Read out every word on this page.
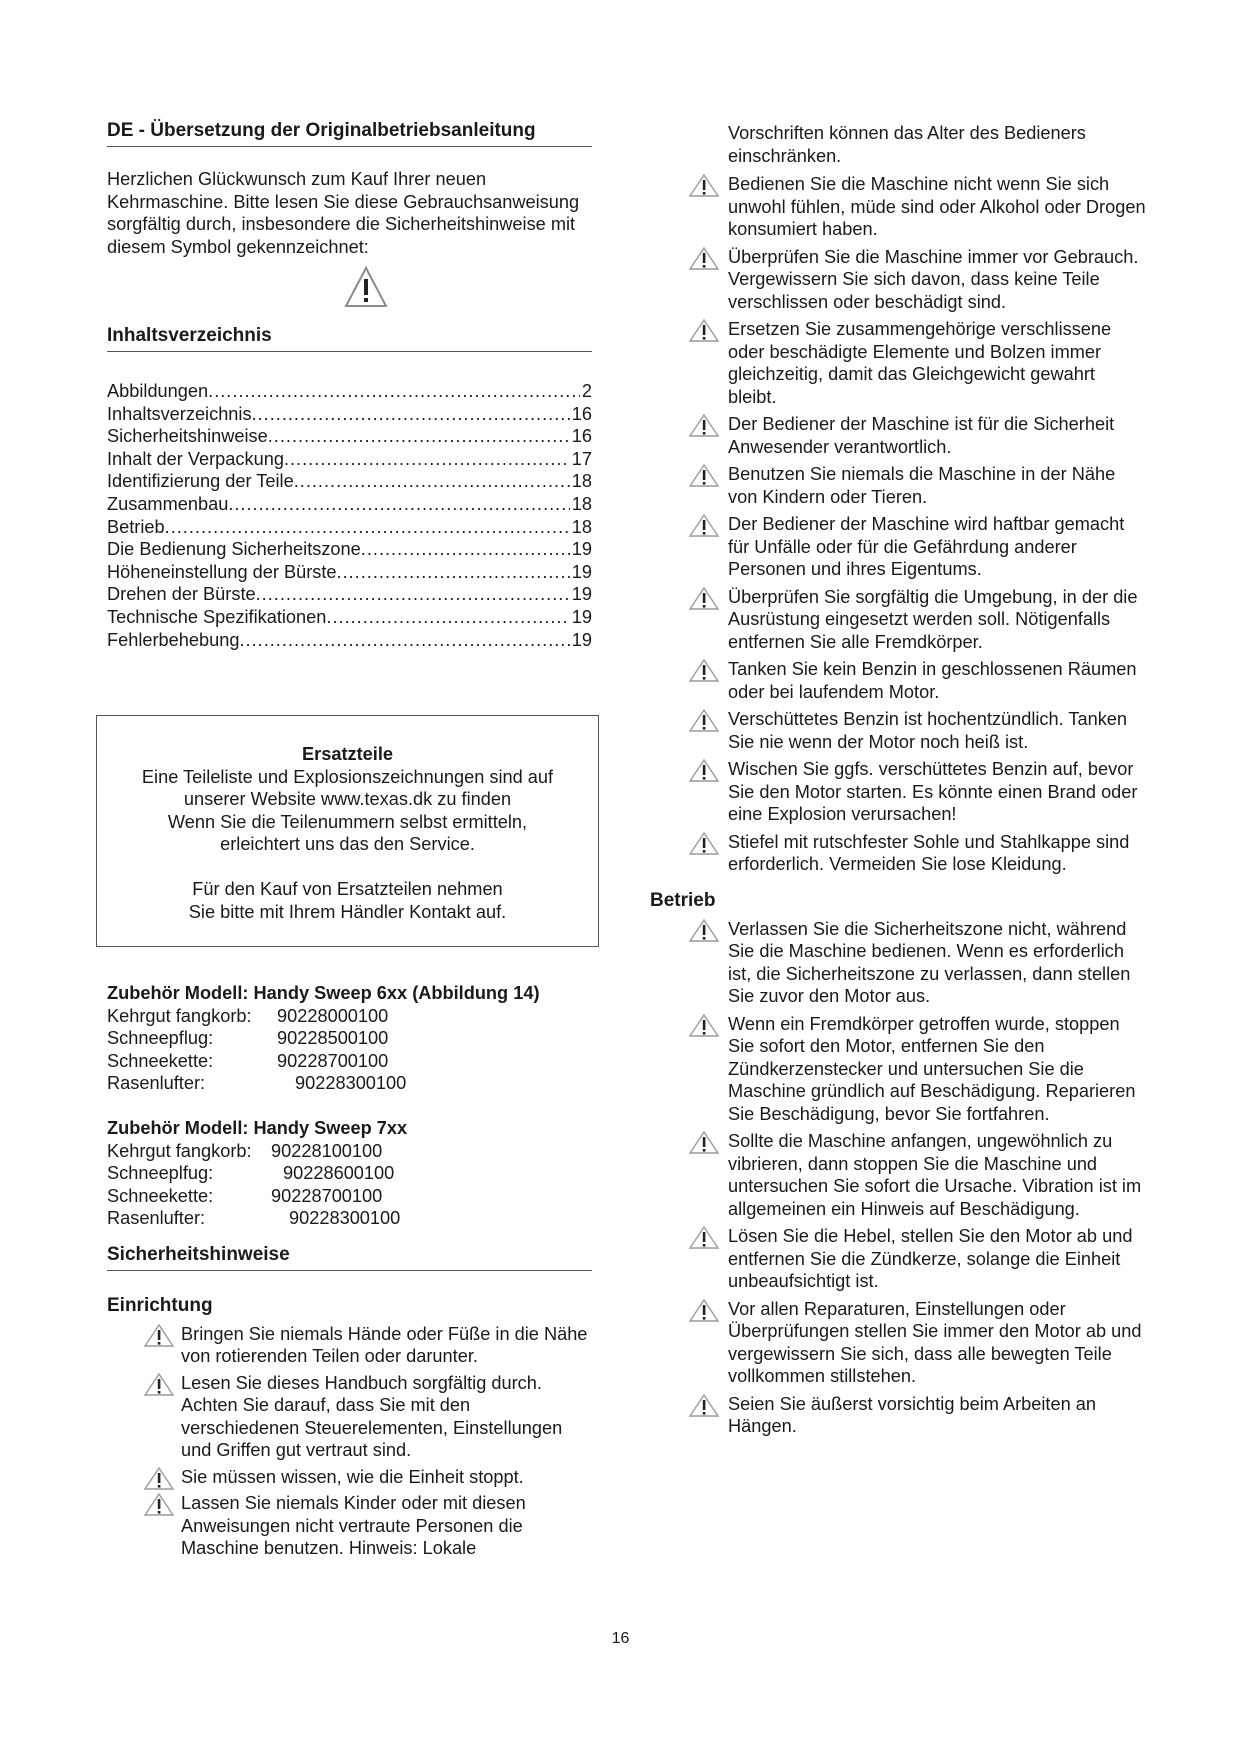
DE - Übersetzung der Originalbetriebsanleitung

Herzlichen Glückwunsch zum Kauf Ihrer neuen Kehrmaschine. Bitte lesen Sie diese Gebrauchsanweisung sorgfältig durch, insbesondere die Sicherheitshinweise mit diesem Symbol gekennzeichnet:

Inhaltsverzeichnis
Abbildungen .....	2
Inhaltsverzeichnis .....	16
Sicherheitshinweise .....	16
Inhalt der Verpackung .....	17
Identifizierung der Teile .....	18
Zusammenbau .....	18
Betrieb .....	18
Die Bedienung Sicherheitszone .....	19
Höheneinstellung der Bürste .....	19
Drehen der Bürste .....	19
Technische Spezifikationen .....	19
Fehlerbehebung .....	19
Ersatzteile
Eine Teileliste und Explosionszeichnungen sind auf
unserer Website www.texas.dk zu finden
Wenn Sie die Teilenummern selbst ermitteln,
erleichtert uns das den Service.
Für den Kauf von Ersatzteilen nehmen
Sie bitte mit Ihrem Händler Kontakt auf.
Zubehör Modell: Handy Sweep 6xx (Abbildung 14)
Kehrgut fangkorb:	90228000100
Schneepflug:	90228500100
Schneekette:	90228700100
Rasenlufter:	90228300100
Zubehör Modell: Handy Sweep 7xx
Kehrgut fangkorb:	90228100100
Schneeplfug:	90228600100
Schneekette:	90228700100
Rasenlufter:	90228300100
Sicherheitshinweise
Einrichtung

Bringen Sie niemals Hände oder Füße in die Nähe von rotierenden Teilen oder darunter.

Lesen Sie dieses Handbuch sorgfältig durch. Achten Sie darauf, dass Sie mit den verschiedenen Steuerelementen, Einstellungen und Griffen gut vertraut sind.

Sie müssen wissen, wie die Einheit stoppt.

Lassen Sie niemals Kinder oder mit diesen Anweisungen nicht vertraute Personen die Maschine benutzen. Hinweis: Lokale

Vorschriften können das Alter des Bedieners einschränken.

Bedienen Sie die Maschine nicht wenn Sie sich unwohl fühlen, müde sind oder Alkohol oder Drogen konsumiert haben.

Überprüfen Sie die Maschine immer vor Gebrauch. Vergewissern Sie sich davon, dass keine Teile verschlissen oder beschädigt sind.

Ersetzen Sie zusammengehörige verschlissene oder beschädigte Elemente und Bolzen immer gleichzeitig, damit das Gleichgewicht gewahrt bleibt.

Der Bediener der Maschine ist für die Sicherheit Anwesender verantwortlich.

Benutzen Sie niemals die Maschine in der Nähe von Kindern oder Tieren.

Der Bediener der Maschine wird haftbar gemacht für Unfälle oder für die Gefährdung anderer Personen und ihres Eigentums.

Überprüfen Sie sorgfältig die Umgebung, in der die Ausrüstung eingesetzt werden soll. Nötigenfalls entfernen Sie alle Fremdkörper.

Tanken Sie kein Benzin in geschlossenen Räumen oder bei laufendem Motor.

Verschüttetes Benzin ist hochentzündlich. Tanken Sie nie wenn der Motor noch heiß ist.

Wischen Sie ggfs. verschüttetes Benzin auf, bevor Sie den Motor starten. Es könnte einen Brand oder eine Explosion verursachen!

Stiefel mit rutschfester Sohle und Stahlkappe sind erforderlich. Vermeiden Sie lose Kleidung.

Betrieb

Verlassen Sie die Sicherheitszone nicht, während Sie die Maschine bedienen. Wenn es erforderlich ist, die Sicherheitszone zu verlassen, dann stellen Sie zuvor den Motor aus.

Wenn ein Fremdkörper getroffen wurde, stoppen Sie sofort den Motor, entfernen Sie den Zündkerzenstecker und untersuchen Sie die Maschine gründlich auf Beschädigung. Reparieren Sie Beschädigung, bevor Sie fortfahren.

Sollte die Maschine anfangen, ungewöhnlich zu vibrieren, dann stoppen Sie die Maschine und untersuchen Sie sofort die Ursache. Vibration ist im allgemeinen ein Hinweis auf Beschädigung.

Lösen Sie die Hebel, stellen Sie den Motor ab und entfernen Sie die Zündkerze, solange die Einheit unbeaufsichtigt ist.

Vor allen Reparaturen, Einstellungen oder Überprüfungen stellen Sie immer den Motor ab und vergewissern Sie sich, dass alle bewegten Teile vollkommen stillstehen.

Seien Sie äußerst vorsichtig beim Arbeiten an Hängen.

16
